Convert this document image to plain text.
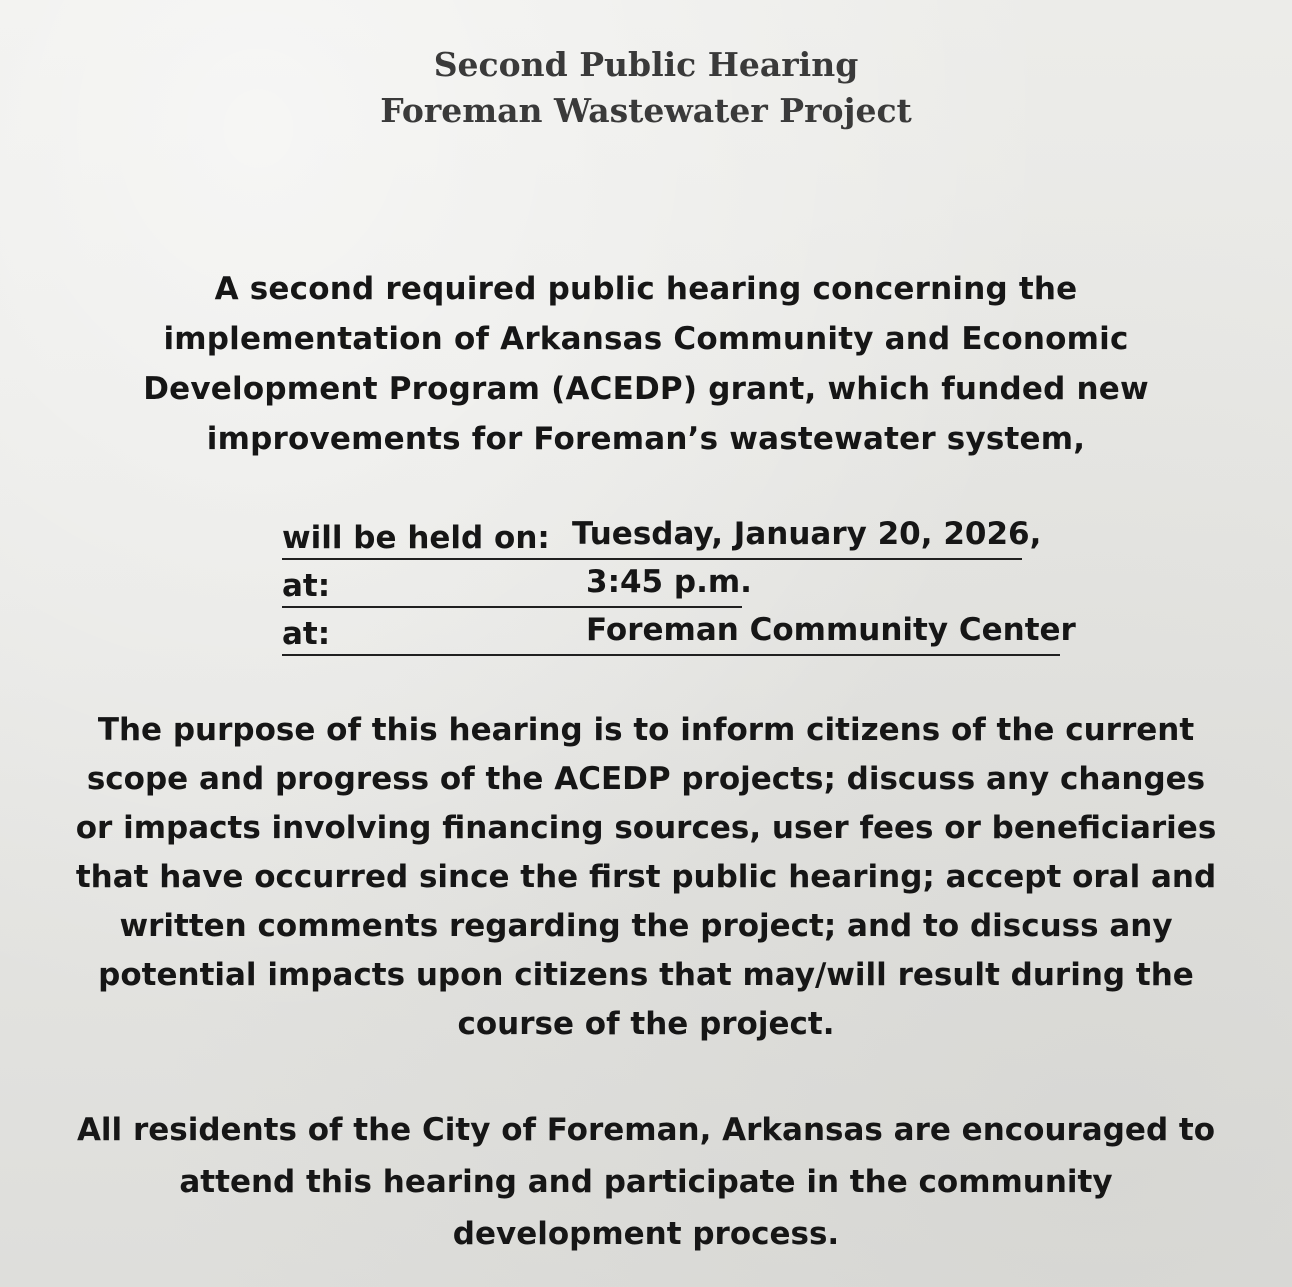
Second Public Hearing
Foreman Wastewater Project
A second required public hearing concerning the
implementation of Arkansas Community and Economic
Development Program (ACEDP) grant, which funded new
improvements for Foreman’s wastewater system,
will be held on: Tuesday, January 20, 2026,
at:	3:45 p.m.
at:	Foreman Community Center
The purpose of this hearing is to inform citizens of the current
scope and progress of the ACEDP projects; discuss any changes
or impacts involving financing sources, user fees or beneficiaries
that have occurred since the first public hearing; accept oral and
written comments regarding the project; and to discuss any
potential impacts upon citizens that may/will result during the
course of the project.
All residents of the City of Foreman, Arkansas are encouraged to
attend this hearing and participate in the community
development process.
